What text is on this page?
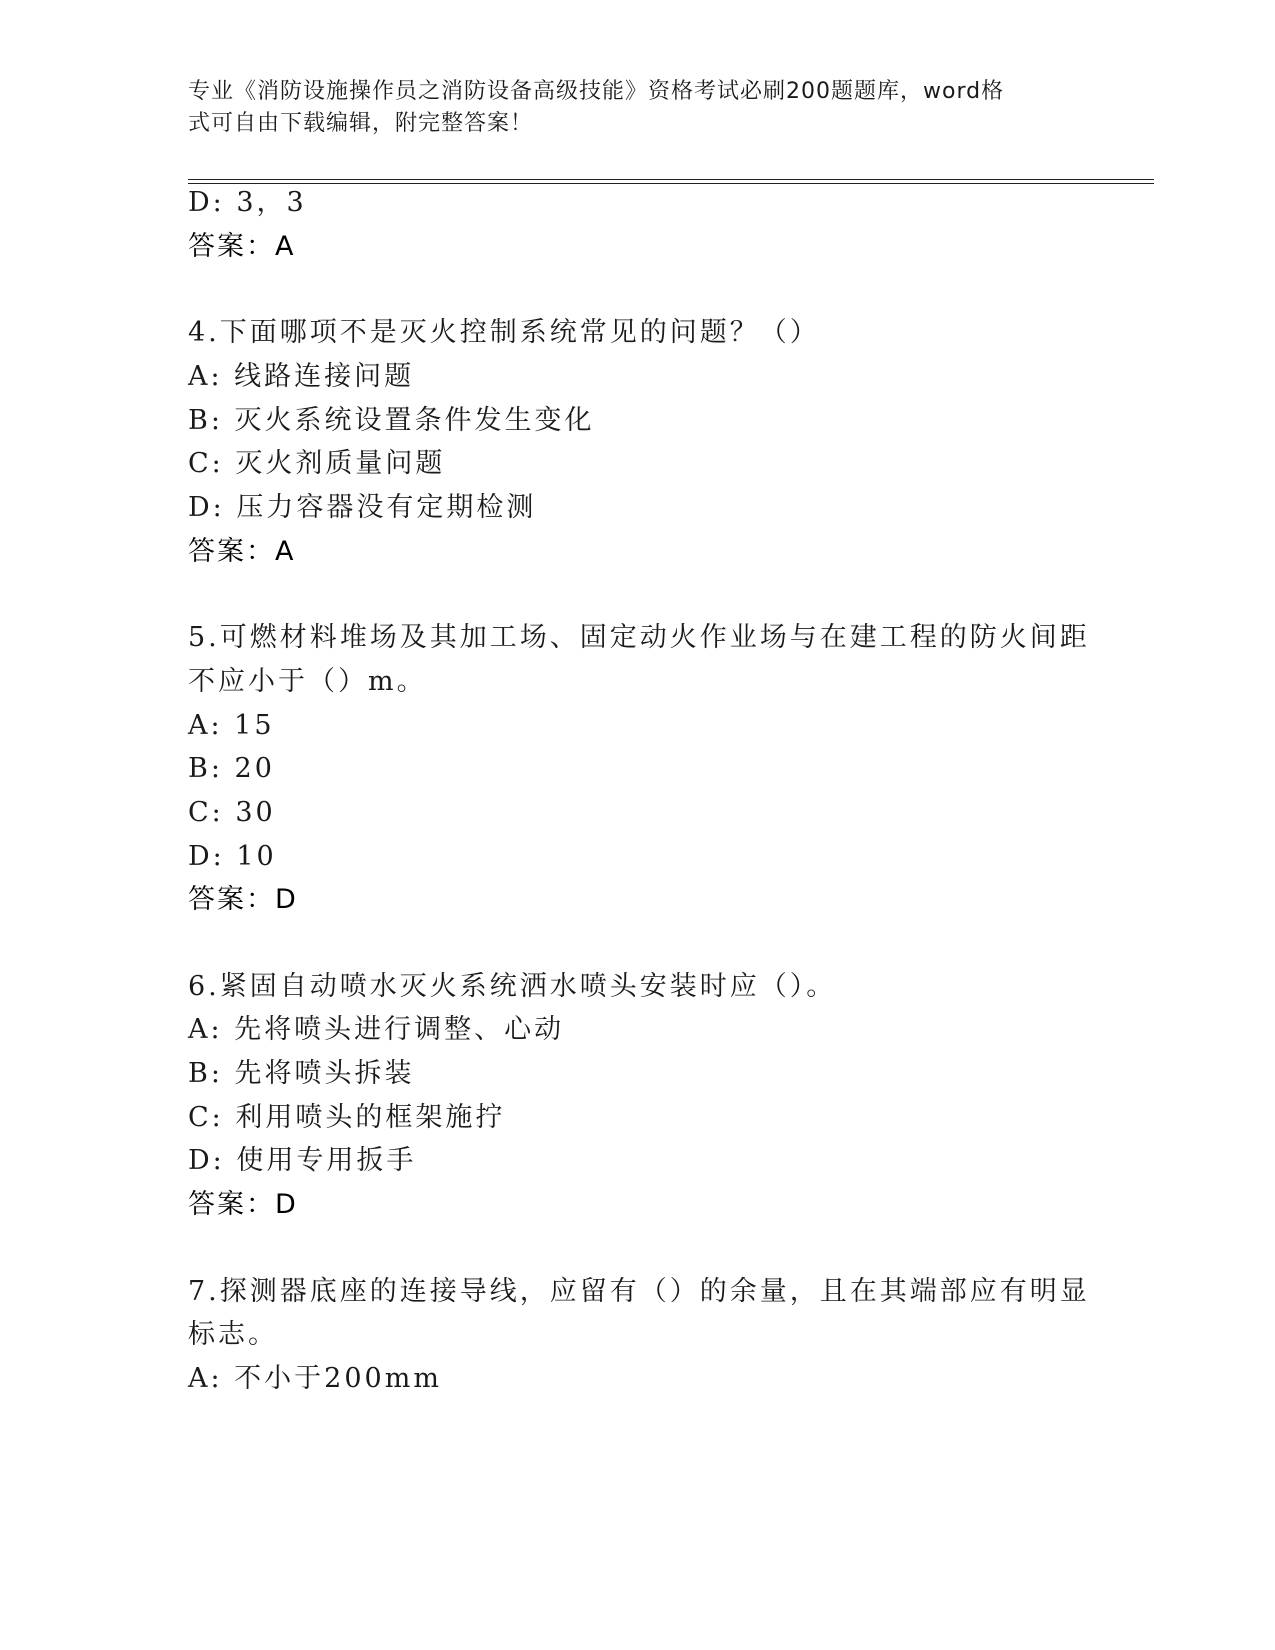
专业《消防设施操作员之消防设备高级技能》资格考试必刷200题题库，word格
式可自由下载编辑，附完整答案！
D: 3，3
答案：A
4.下面哪项不是灭火控制系统常见的问题？（）
A: 线路连接问题
B: 灭火系统设置条件发生变化
C: 灭火剂质量问题
D: 压力容器没有定期检测
答案：A
5.可燃材料堆场及其加工场、固定动火作业场与在建工程的防火间距
不应小于（）m。
A: 15
B: 20
C: 30
D: 10
答案：D
6.紧固自动喷水灭火系统洒水喷头安装时应（）。
A: 先将喷头进行调整、心动
B: 先将喷头拆装
C: 利用喷头的框架施拧
D: 使用专用扳手
答案：D
7.探测器底座的连接导线，应留有（）的余量，且在其端部应有明显
标志。
A: 不小于200mm
